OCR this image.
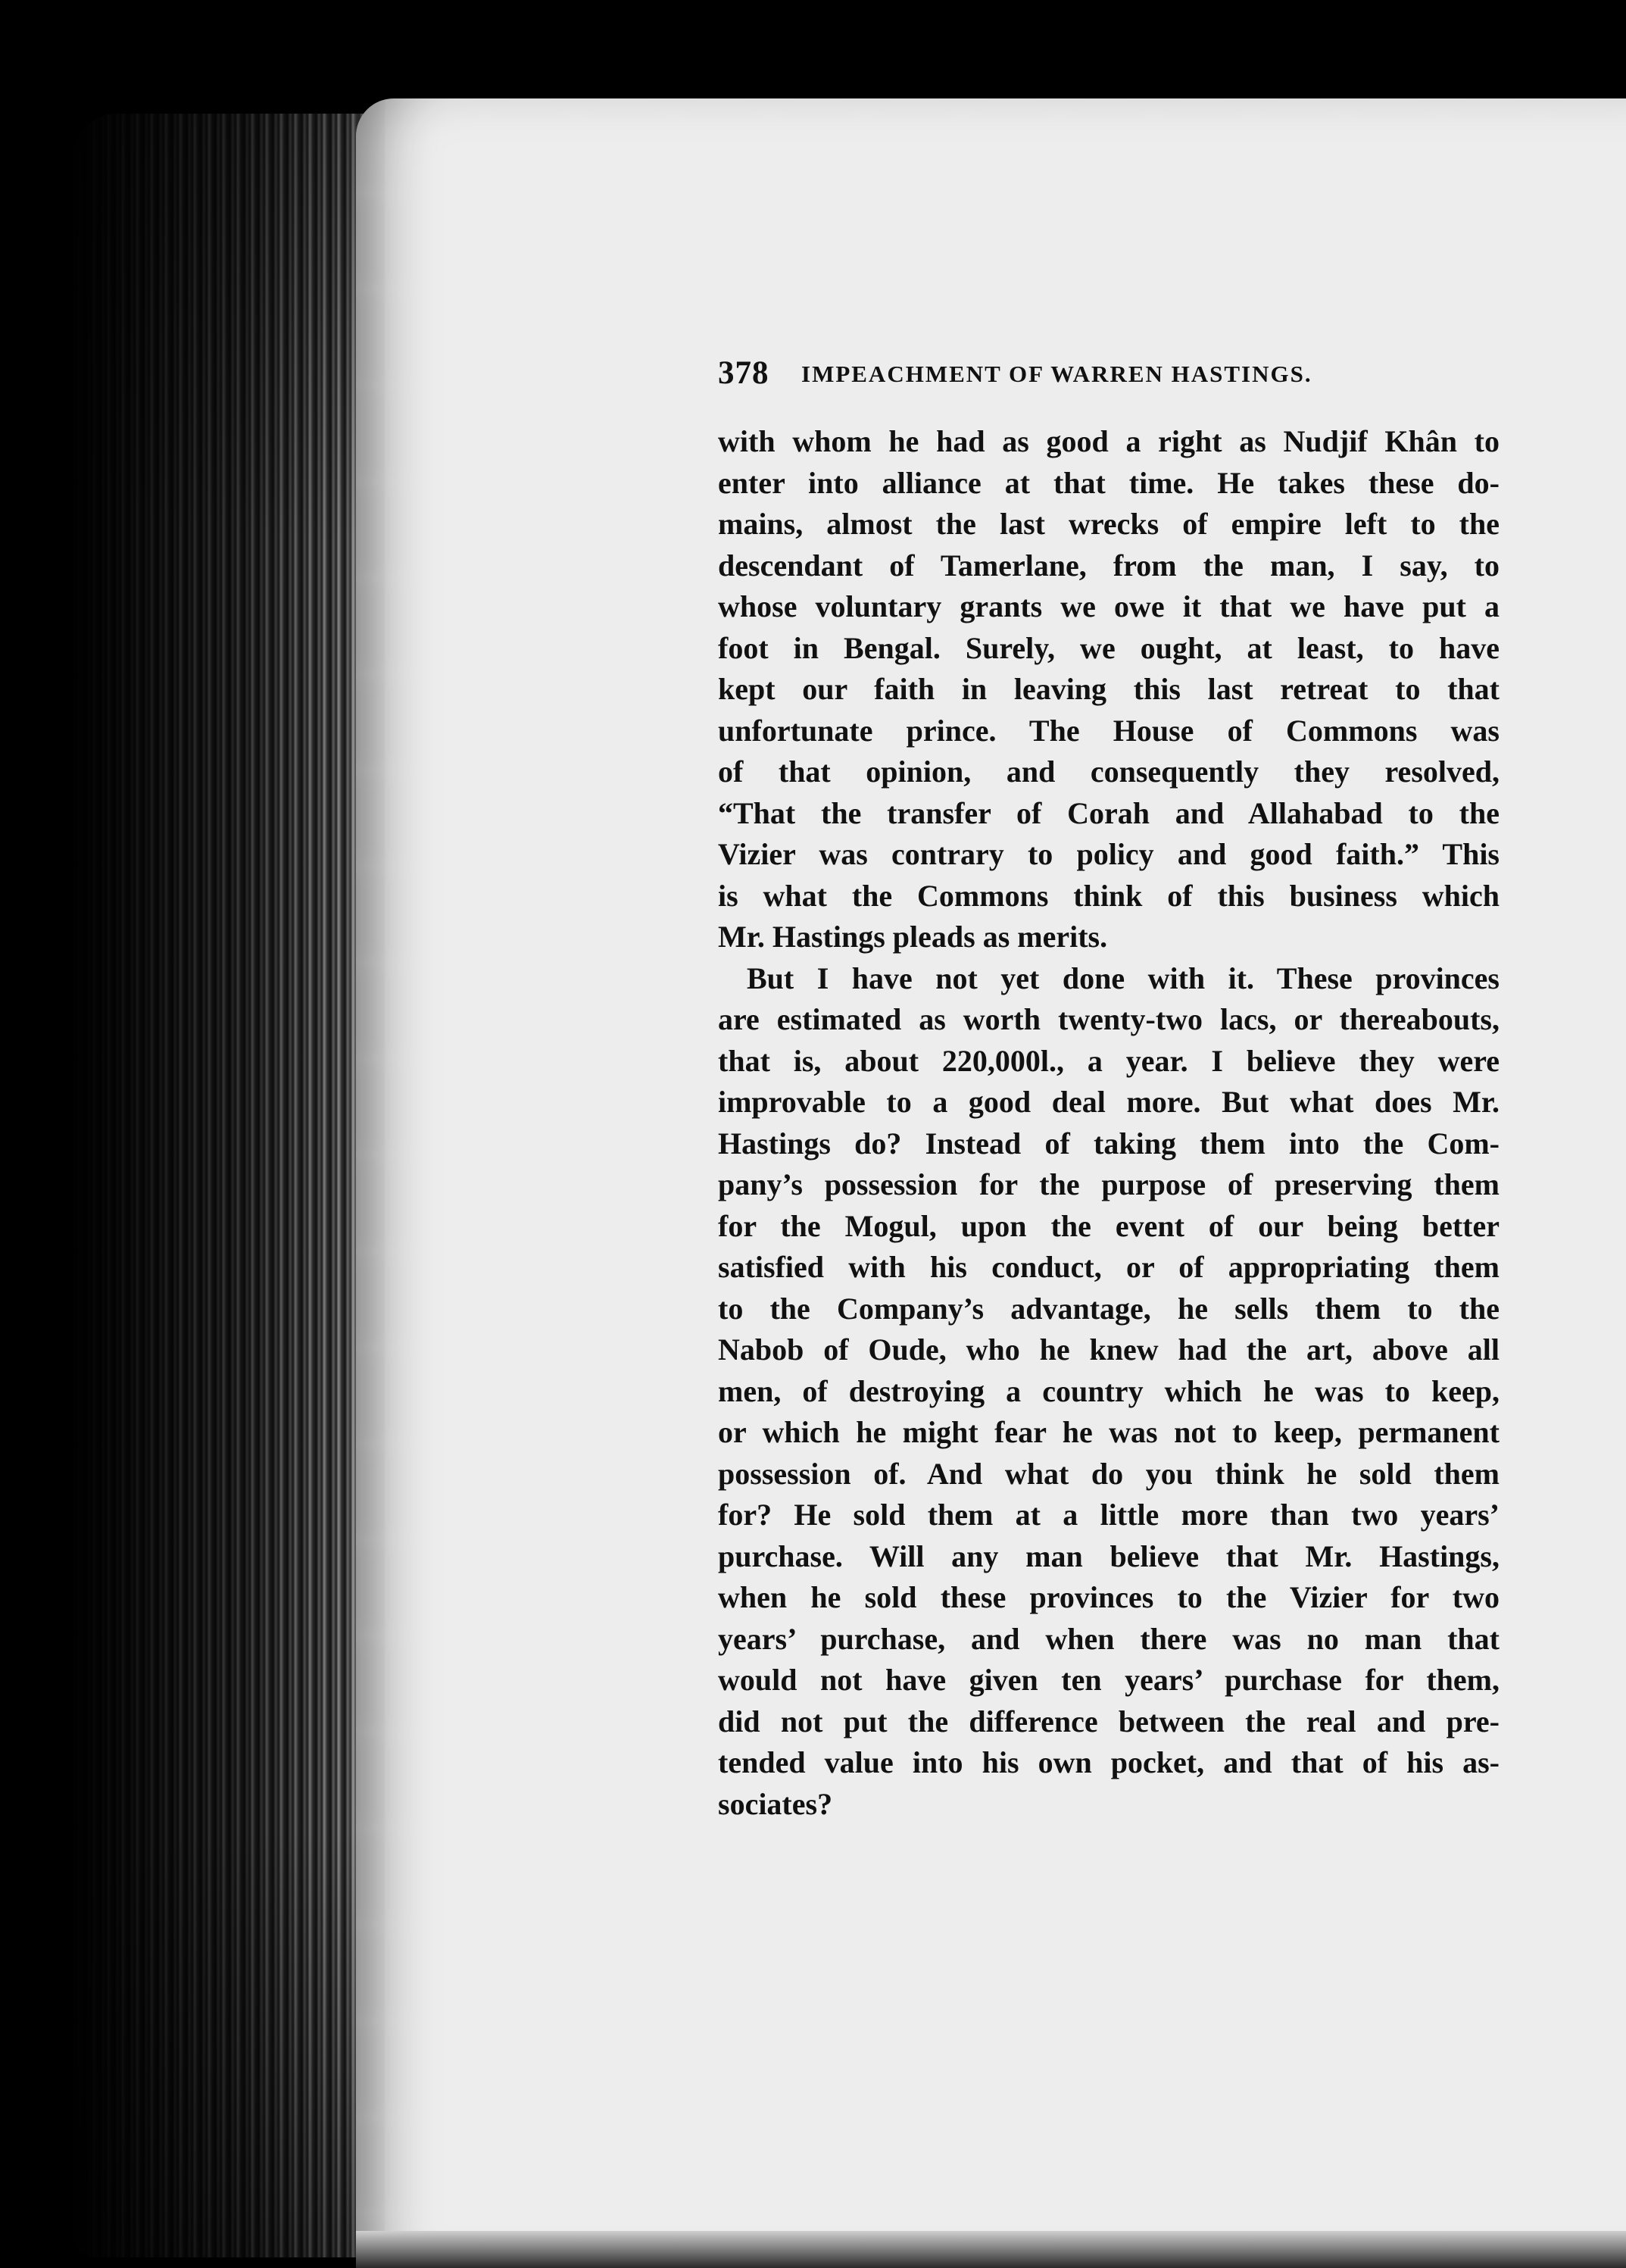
378 IMPEACHMENT OF WARREN HASTINGS.
with whom he had as good a right as Nudjif Khân to
enter into alliance at that time. He takes these do-
mains, almost the last wrecks of empire left to the
descendant of Tamerlane, from the man, I say, to
whose voluntary grants we owe it that we have put a
foot in Bengal. Surely, we ought, at least, to have
kept our faith in leaving this last retreat to that
unfortunate prince. The House of Commons was
of that opinion, and consequently they resolved,
“That the transfer of Corah and Allahabad to the
Vizier was contrary to policy and good faith.” This
is what the Commons think of this business which
Mr. Hastings pleads as merits.
But I have not yet done with it. These provinces
are estimated as worth twenty-two lacs, or thereabouts,
that is, about 220,000l., a year. I believe they were
improvable to a good deal more. But what does Mr.
Hastings do? Instead of taking them into the Com-
pany’s possession for the purpose of preserving them
for the Mogul, upon the event of our being better
satisfied with his conduct, or of appropriating them
to the Company’s advantage, he sells them to the
Nabob of Oude, who he knew had the art, above all
men, of destroying a country which he was to keep,
or which he might fear he was not to keep, permanent
possession of. And what do you think he sold them
for? He sold them at a little more than two years’
purchase. Will any man believe that Mr. Hastings,
when he sold these provinces to the Vizier for two
years’ purchase, and when there was no man that
would not have given ten years’ purchase for them,
did not put the difference between the real and pre-
tended value into his own pocket, and that of his as-
sociates?
